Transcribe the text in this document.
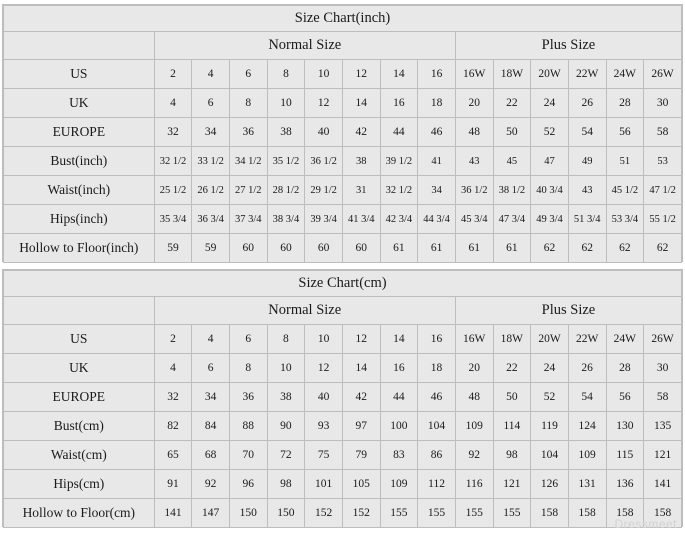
Size Chart(inch)														
	Normal Size								Plus Size					
US	2	4	6	8	10	12	14	16	16W	18W	20W	22W	24W	26W
UK	4	6	8	10	12	14	16	18	20	22	24	26	28	30
EUROPE	32	34	36	38	40	42	44	46	48	50	52	54	56	58
Bust(inch)	32 1/2	33 1/2	34 1/2	35 1/2	36 1/2	38	39 1/2	41	43	45	47	49	51	53
Waist(inch)	25 1/2	26 1/2	27 1/2	28 1/2	29 1/2	31	32 1/2	34	36 1/2	38 1/2	40 3/4	43	45 1/2	47 1/2
Hips(inch)	35 3/4	36 3/4	37 3/4	38 3/4	39 3/4	41 3/4	42 3/4	44 3/4	45 3/4	47 3/4	49 3/4	51 3/4	53 3/4	55 1/2
Hollow to Floor(inch)	59	59	60	60	60	60	61	61	61	61	62	62	62	62
Size Chart(cm)														
	Normal Size								Plus Size					
US	2	4	6	8	10	12	14	16	16W	18W	20W	22W	24W	26W
UK	4	6	8	10	12	14	16	18	20	22	24	26	28	30
EUROPE	32	34	36	38	40	42	44	46	48	50	52	54	56	58
Bust(cm)	82	84	88	90	93	97	100	104	109	114	119	124	130	135
Waist(cm)	65	68	70	72	75	79	83	86	92	98	104	109	115	121
Hips(cm)	91	92	96	98	101	105	109	112	116	121	126	131	136	141
Hollow to Floor(cm)	141	147	150	150	152	152	155	155	155	155	158	158	158	158
Dressmeet
